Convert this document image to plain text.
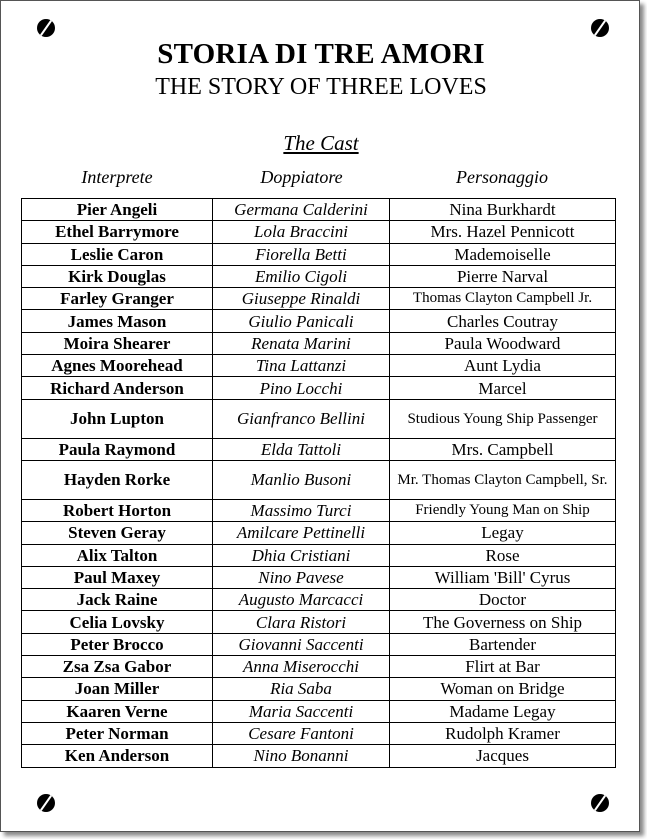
STORIA DI TRE AMORI
THE STORY OF THREE LOVES
The Cast
Interprete	Doppiatore	Personaggio
Pier Angeli	Germana Calderini	Nina Burkhardt
Ethel Barrymore	Lola Braccini	Mrs. Hazel Pennicott
Leslie Caron	Fiorella Betti	Mademoiselle
Kirk Douglas	Emilio Cigoli	Pierre Narval
Farley Granger	Giuseppe Rinaldi	Thomas Clayton Campbell Jr.
James Mason	Giulio Panicali	Charles Coutray
Moira Shearer	Renata Marini	Paula Woodward
Agnes Moorehead	Tina Lattanzi	Aunt Lydia
Richard Anderson	Pino Locchi	Marcel
John Lupton	Gianfranco Bellini	Studious Young Ship Passenger
Paula Raymond	Elda Tattoli	Mrs. Campbell
Hayden Rorke	Manlio Busoni	Mr. Thomas Clayton Campbell, Sr.
Robert Horton	Massimo Turci	Friendly Young Man on Ship
Steven Geray	Amilcare Pettinelli	Legay
Alix Talton	Dhia Cristiani	Rose
Paul Maxey	Nino Pavese	William 'Bill' Cyrus
Jack Raine	Augusto Marcacci	Doctor
Celia Lovsky	Clara Ristori	The Governess on Ship
Peter Brocco	Giovanni Saccenti	Bartender
Zsa Zsa Gabor	Anna Miserocchi	Flirt at Bar
Joan Miller	Ria Saba	Woman on Bridge
Kaaren Verne	Maria Saccenti	Madame Legay
Peter Norman	Cesare Fantoni	Rudolph Kramer
Ken Anderson	Nino Bonanni	Jacques
